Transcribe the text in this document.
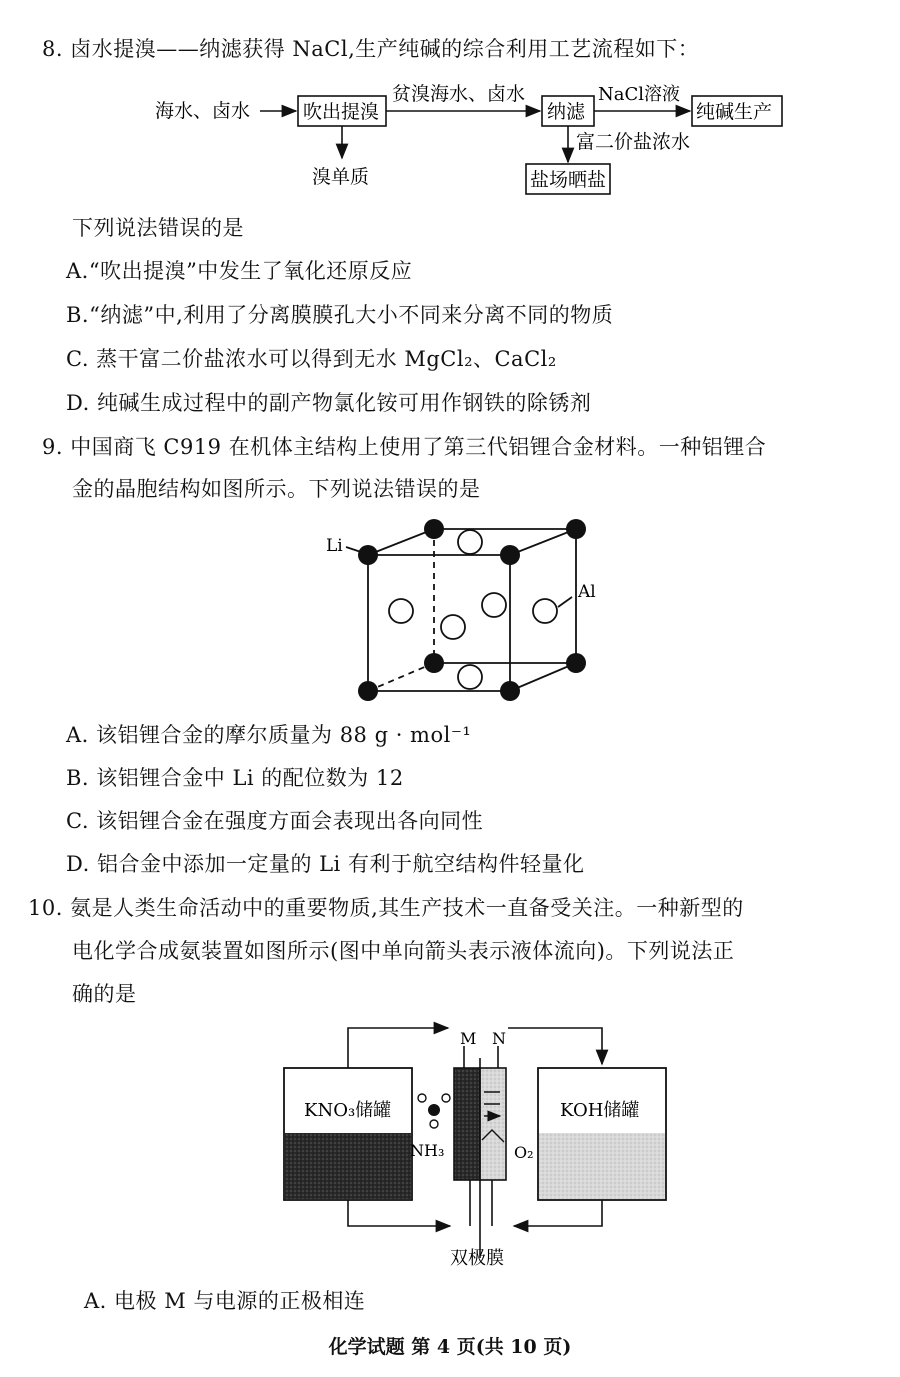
8. 卤水提溴——纳滤获得 NaCl,生产纯碱的综合利用工艺流程如下：
海水、卤水	吹出提溴
贫溴海水、卤水
纳滤
NaCl溶液
纯碱生产
溴单质
富二价盐浓水
盐场晒盐
下列说法错误的是
A.“吹出提溴”中发生了氧化还原反应
B.“纳滤”中,利用了分离膜膜孔大小不同来分离不同的物质
C. 蒸干富二价盐浓水可以得到无水 MgCl₂、CaCl₂
D. 纯碱生成过程中的副产物氯化铵可用作钢铁的除锈剂
9. 中国商飞 C919 在机体主结构上使用了第三代铝锂合金材料。一种铝锂合
金的晶胞结构如图所示。下列说法错误的是
Li
Al
A. 该铝锂合金的摩尔质量为 88 g · mol⁻¹
B. 该铝锂合金中 Li 的配位数为 12
C. 该铝锂合金在强度方面会表现出各向同性
D. 铝合金中添加一定量的 Li 有利于航空结构件轻量化
10. 氨是人类生命活动中的重要物质,其生产技术一直备受关注。一种新型的
电化学合成氨装置如图所示(图中单向箭头表示液体流向)。下列说法正
确的是
KNO₃储罐	KOH储罐
M N
NH₃	O₂
双极膜
A. 电极 M 与电源的正极相连
化学试题 第 4 页(共 10 页)
